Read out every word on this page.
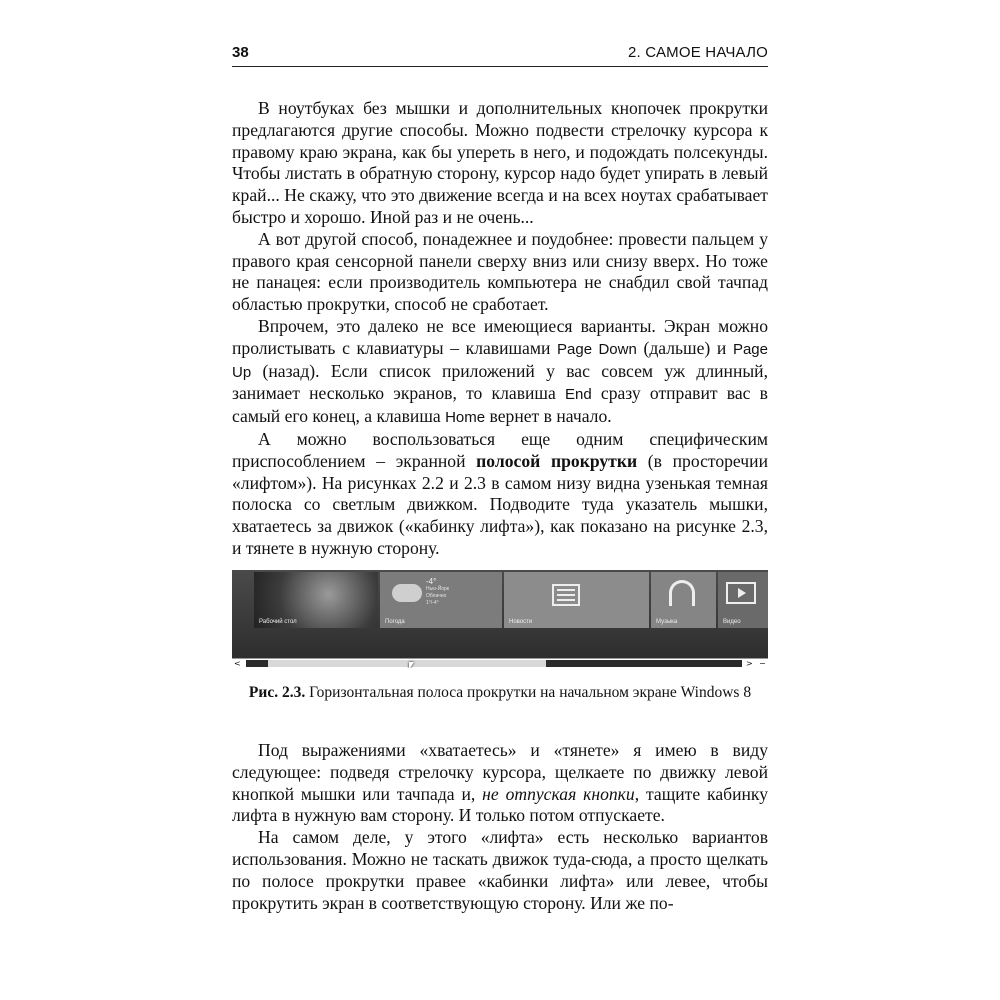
38	2. САМОЕ НАЧАЛО

В ноутбуках без мышки и дополнительных кнопочек прокрутки предлагаются другие способы. Можно подвести стрелочку курсора к правому краю экрана, как бы упереть в него, и подождать полсекунды. Чтобы листать в обратную сторону, курсор надо будет упирать в левый край... Не скажу, что это движение всегда и на всех ноутах срабатывает быстро и хорошо. Иной раз и не очень...

А вот другой способ, понадежнее и поудобнее: провести пальцем у правого края сенсорной панели сверху вниз или снизу вверх. Но тоже не панацея: если производитель компьютера не снабдил свой тачпад областью прокрутки, способ не сработает.

Впрочем, это далеко не все имеющиеся варианты. Экран можно пролистывать с клавиатуры – клавишами Page Down (дальше) и Page Up (назад). Если список приложений у вас совсем уж длинный, занимает несколько экранов, то клавиша End сразу отправит вас в самый его конец, а клавиша Home вернет в начало.

А можно воспользоваться еще одним специфическим приспособлением – экранной полосой прокрутки (в просторечии «лифтом»). На рисунках 2.2 и 2.3 в самом низу видна узенькая темная полоска со светлым движком. Подводите туда указатель мышки, хватаетесь за движок («кабинку лифта»), как показано на рисунке 2.3, и тянете в нужную сторону.

Рабочий стол
-4°
Нью-Йорк
Облачно
1°/-4°
Погода	Новости	Музыка	Видео
<	> −
Рис. 2.3. Горизонтальная полоса прокрутки на начальном экране Windows 8

Под выражениями «хватаетесь» и «тянете» я имею в виду следующее: подведя стрелочку курсора, щелкаете по движку левой кнопкой мышки или тачпада и, не отпуская кнопки, тащите кабинку лифта в нужную вам сторону. И только потом отпускаете.

На самом деле, у этого «лифта» есть несколько вариантов использования. Можно не таскать движок туда-сюда, а просто щелкать по полосе прокрутки правее «кабинки лифта» или левее, чтобы прокрутить экран в соответствующую сторону. Или же по-
